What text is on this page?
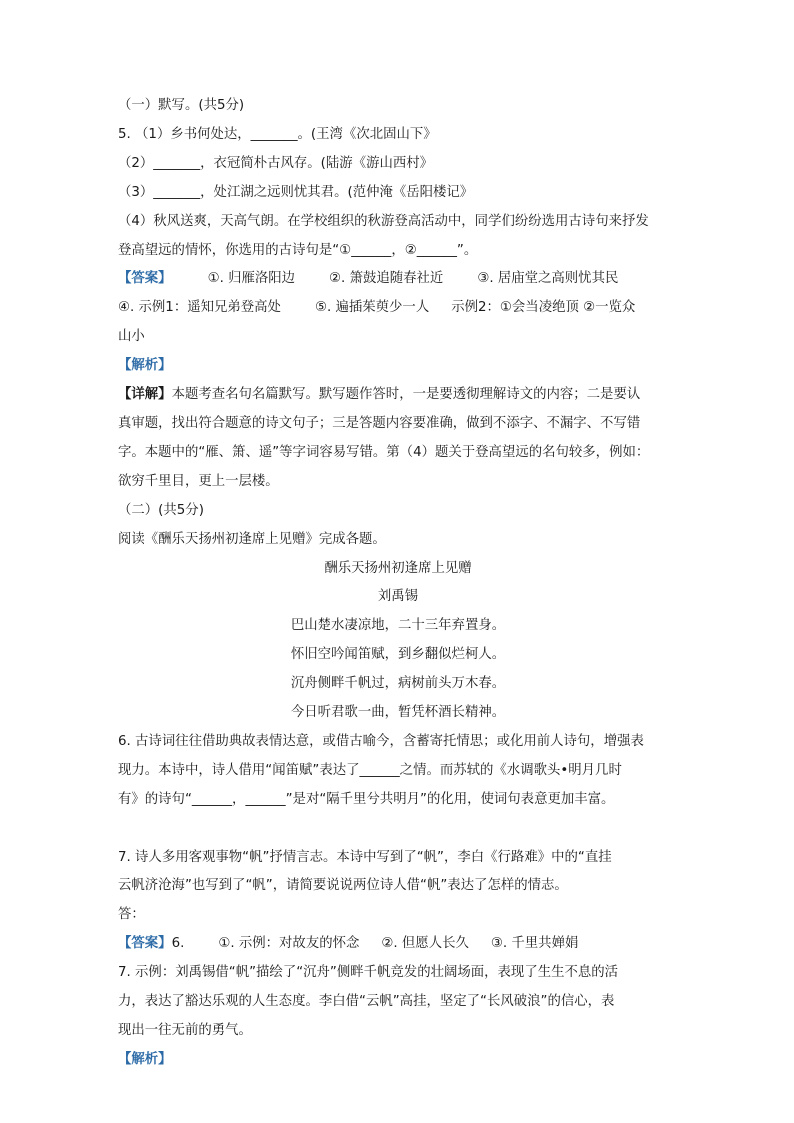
（一）默写。(共5分)
5. （1）乡书何处达，_______。(王湾《次北固山下》
（2）_______，衣冠简朴古风存。(陆游《游山西村》
（3）_______，处江湖之远则忧其君。(范仲淹《岳阳楼记》
（4）秋风送爽，天高气朗。在学校组织的秋游登高活动中，同学们纷纷选用古诗句来抒发
登高望远的情怀，你选用的古诗句是“①______，②______”。
【答案】	①. 归雁洛阳边	②. 箫鼓追随春社近	③. 居庙堂之高则忧其民
④. 示例1：遥知兄弟登高处	⑤. 遍插茱萸少一人 示例2：①会当凌绝顶 ②一览众
山小
【解析】
【详解】本题考查名句名篇默写。默写题作答时，一是要透彻理解诗文的内容；二是要认
真审题，找出符合题意的诗文句子；三是答题内容要准确，做到不添字、不漏字、不写错
字。本题中的“雁、箫、遥”等字词容易写错。第（4）题关于登高望远的名句较多，例如：
欲穷千里目，更上一层楼。
（二）(共5分)
阅读《酬乐天扬州初逢席上见赠》完成各题。
酬乐天扬州初逢席上见赠
刘禹锡
巴山楚水凄凉地，二十三年弃置身。
怀旧空吟闻笛赋，到乡翻似烂柯人。
沉舟侧畔千帆过，病树前头万木春。
今日听君歌一曲，暂凭杯酒长精神。
6. 古诗词往往借助典故表情达意，或借古喻今，含蓄寄托情思；或化用前人诗句，增强表
现力。本诗中，诗人借用“闻笛赋”表达了______之情。而苏轼的《水调歌头•明月几时
有》的诗句“______，______”是对“隔千里兮共明月”的化用，使词句表意更加丰富。
7. 诗人多用客观事物“帆”抒情言志。本诗中写到了“帆”，李白《行路难》中的“直挂
云帆济沧海”也写到了“帆”，请简要说说两位诗人借“帆”表达了怎样的情志。
答：
【答案】6.	①. 示例：对故友的怀念 ②. 但愿人长久 ③. 千里共婵娟
7. 示例：刘禹锡借“帆”描绘了“沉舟”侧畔千帆竞发的壮阔场面，表现了生生不息的活
力，表达了豁达乐观的人生态度。李白借“云帆”高挂，坚定了“长风破浪”的信心，表
现出一往无前的勇气。
【解析】
